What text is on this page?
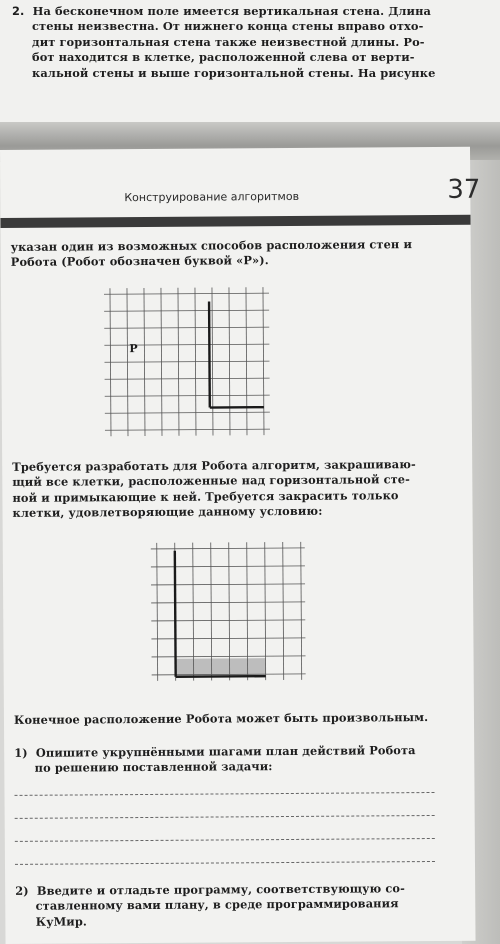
2. На бесконечном поле имеется вертикальная стена. Длина
стены неизвестна. От нижнего конца стены вправо отхо-
дит горизонтальная стена также неизвестной длины. Ро-
бот находится в клетке, расположенной слева от верти-
кальной стены и выше горизонтальной стены. На рисунке
Конструирование алгоритмов	37
указан один из возможных способов расположения стен и
Робота (Робот обозначен буквой «Р»).
Р
Требуется разработать для Робота алгоритм, закрашиваю-
щий все клетки, расположенные над горизонтальной сте-
ной и примыкающие к ней. Требуется закрасить только
клетки, удовлетворяющие данному условию:
Конечное расположение Робота может быть произвольным.
1)  Опишите укрупнёнными шагами план действий Робота
по решению поставленной задачи:
2)  Введите и отладьте программу, соответствующую со-
ставленному вами плану, в среде программирования
КуМир.
